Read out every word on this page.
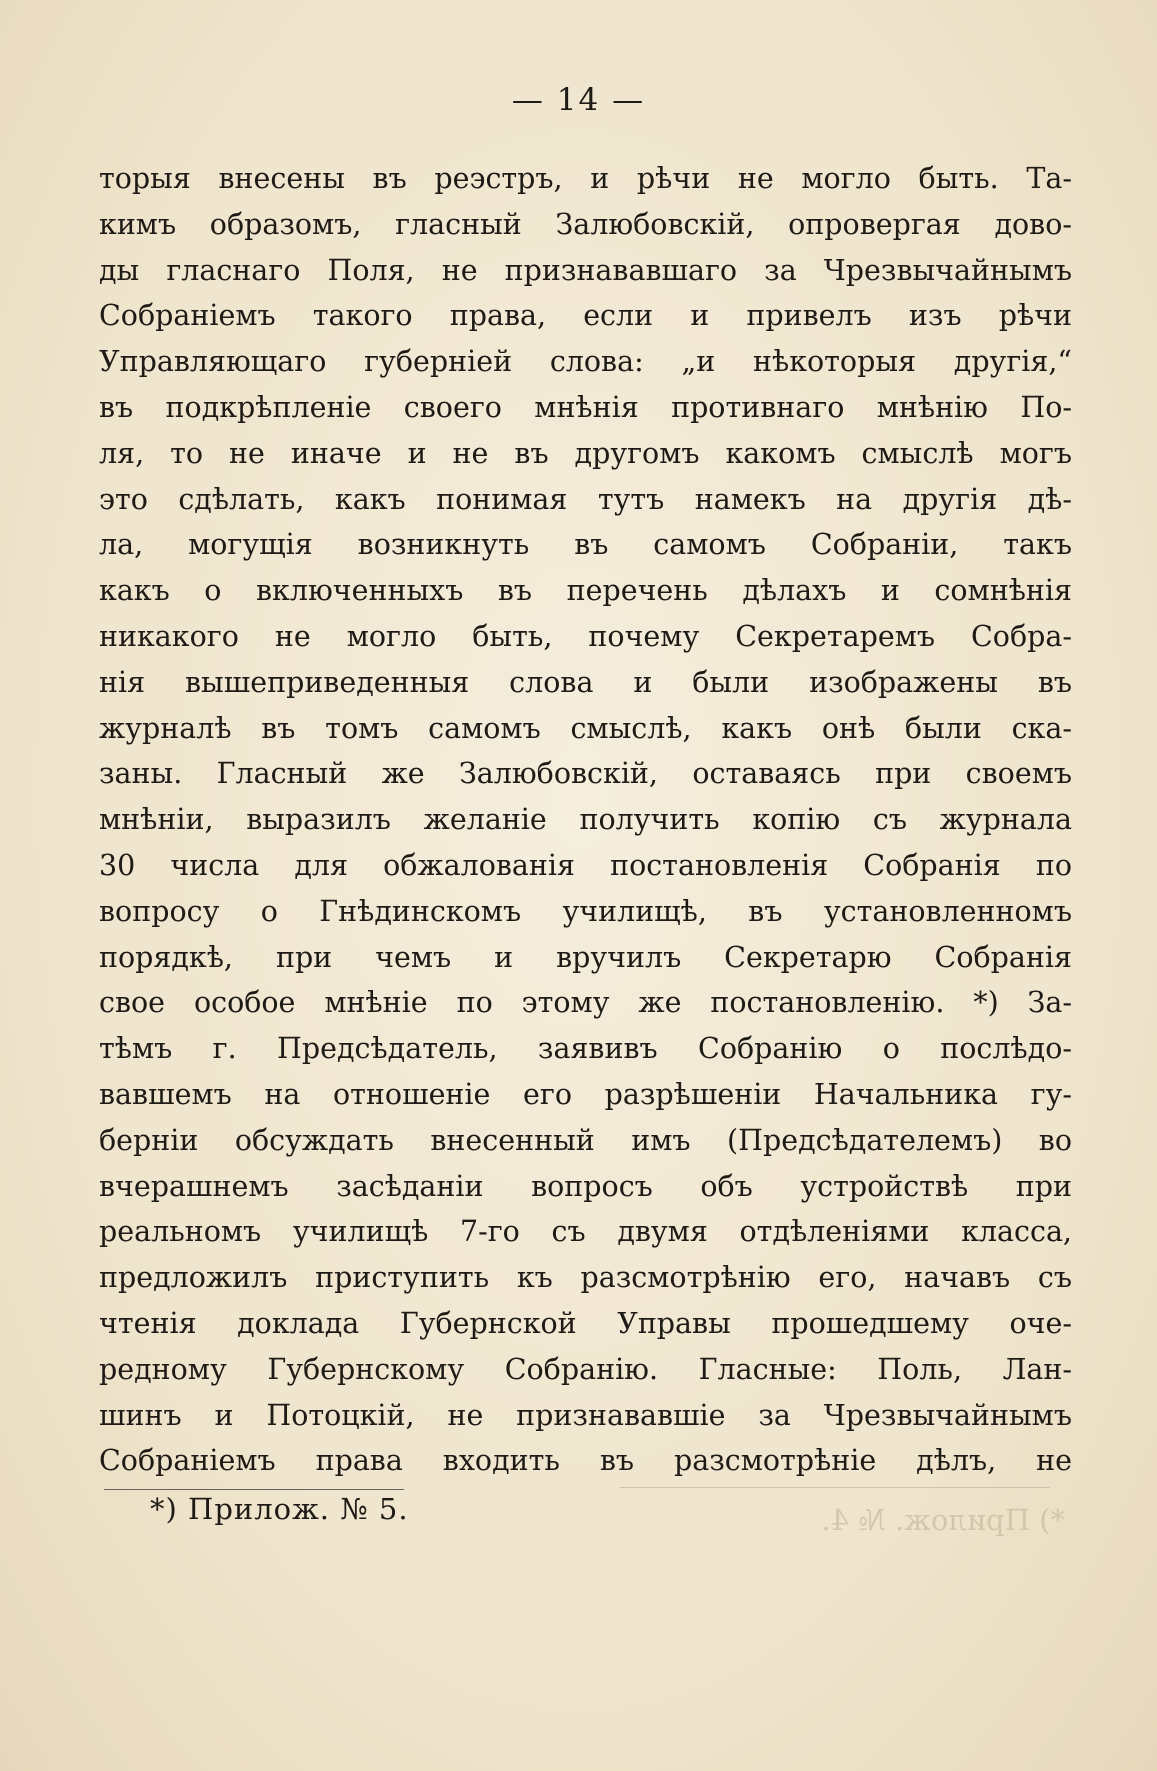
*) Прилож. № 4.
— 14 —
торыя внесены въ реэстръ, и рѣчи не могло быть. Та-
кимъ образомъ, гласный Залюбовскій, опровергая дово-
ды гласнаго Поля, не признававшаго за Чрезвычайнымъ
Собраніемъ такого права, если и привелъ изъ рѣчи
Управляющаго губерніей слова: „и нѣкоторыя другія,“
въ подкрѣпленіе своего мнѣнія противнаго мнѣнію По-
ля, то не иначе и не въ другомъ какомъ смыслѣ могъ
это сдѣлать, какъ понимая тутъ намекъ на другія дѣ-
ла, могущія возникнуть въ самомъ Собраніи, такъ
какъ о включенныхъ въ перечень дѣлахъ и сомнѣнія
никакого не могло быть, почему Секретаремъ Собра-
нія вышеприведенныя слова и были изображены въ
журналѣ въ томъ самомъ смыслѣ, какъ онѣ были ска-
заны. Гласный же Залюбовскій, оставаясь при своемъ
мнѣніи, выразилъ желаніе получить копію съ журнала
30 числа для обжалованія постановленія Собранія по
вопросу о Гнѣдинскомъ училищѣ, въ установленномъ
порядкѣ, при чемъ и вручилъ Секретарю Собранія
свое особое мнѣніе по этому же постановленію. *) За-
тѣмъ г. Предсѣдатель, заявивъ Собранію о послѣдо-
вавшемъ на отношеніе его разрѣшеніи Начальника гу-
берніи обсуждать внесенный имъ (Предсѣдателемъ) во
вчерашнемъ засѣданіи вопросъ объ устройствѣ при
реальномъ училищѣ 7-го съ двумя отдѣленіями класса,
предложилъ приступить къ разсмотрѣнію его, начавъ съ
чтенія доклада Губернской Управы прошедшему оче-
редному Губернскому Собранію. Гласные: Поль, Лан-
шинъ и Потоцкій, не признававшіе за Чрезвычайнымъ
Собраніемъ права входить въ разсмотрѣніе дѣлъ, не
*) Прилож. № 5.
